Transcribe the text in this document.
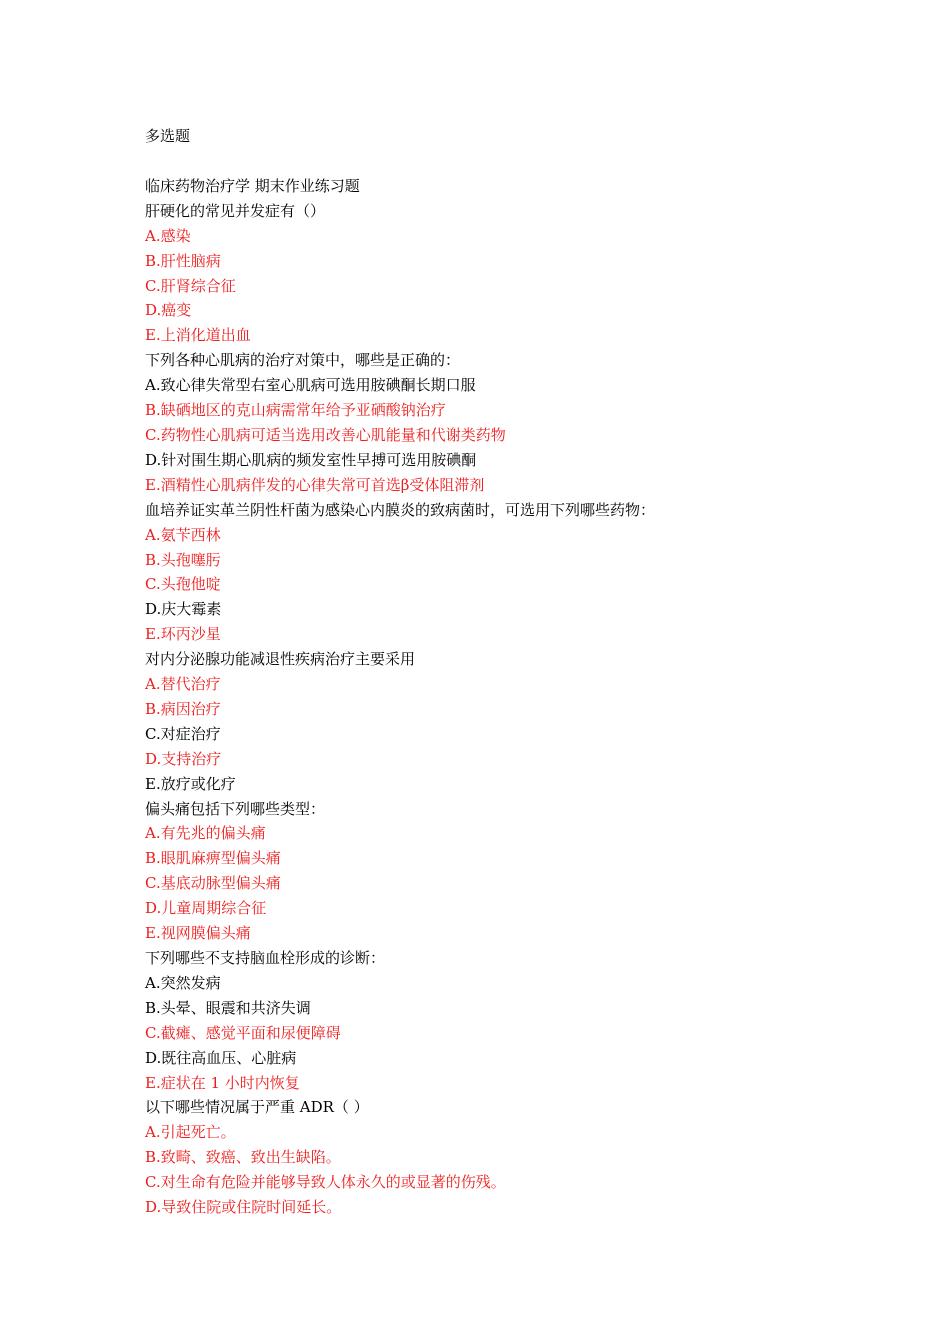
多选题
临床药物治疗学 期末作业练习题
肝硬化的常见并发症有（）
A.感染
B.肝性脑病
C.肝肾综合征
D.癌变
E.上消化道出血
下列各种心肌病的治疗对策中，哪些是正确的：
A.致心律失常型右室心肌病可选用胺碘酮长期口服
B.缺硒地区的克山病需常年给予亚硒酸钠治疗
C.药物性心肌病可适当选用改善心肌能量和代谢类药物
D.针对围生期心肌病的频发室性早搏可选用胺碘酮
E.酒精性心肌病伴发的心律失常可首选β受体阻滞剂
血培养证实革兰阴性杆菌为感染心内膜炎的致病菌时，可选用下列哪些药物：
A.氨苄西林
B.头孢噻肟
C.头孢他啶
D.庆大霉素
E.环丙沙星
对内分泌腺功能减退性疾病治疗主要采用
A.替代治疗
B.病因治疗
C.对症治疗
D.支持治疗
E.放疗或化疗
偏头痛包括下列哪些类型：
A.有先兆的偏头痛
B.眼肌麻痹型偏头痛
C.基底动脉型偏头痛
D.儿童周期综合征
E.视网膜偏头痛
下列哪些不支持脑血栓形成的诊断：
A.突然发病
B.头晕、眼震和共济失调
C.截瘫、感觉平面和尿便障碍
D.既往高血压、心脏病
E.症状在 1 小时内恢复
以下哪些情况属于严重 ADR（ ）
A.引起死亡。
B.致畸、致癌、致出生缺陷。
C.对生命有危险并能够导致人体永久的或显著的伤残。
D.导致住院或住院时间延长。
